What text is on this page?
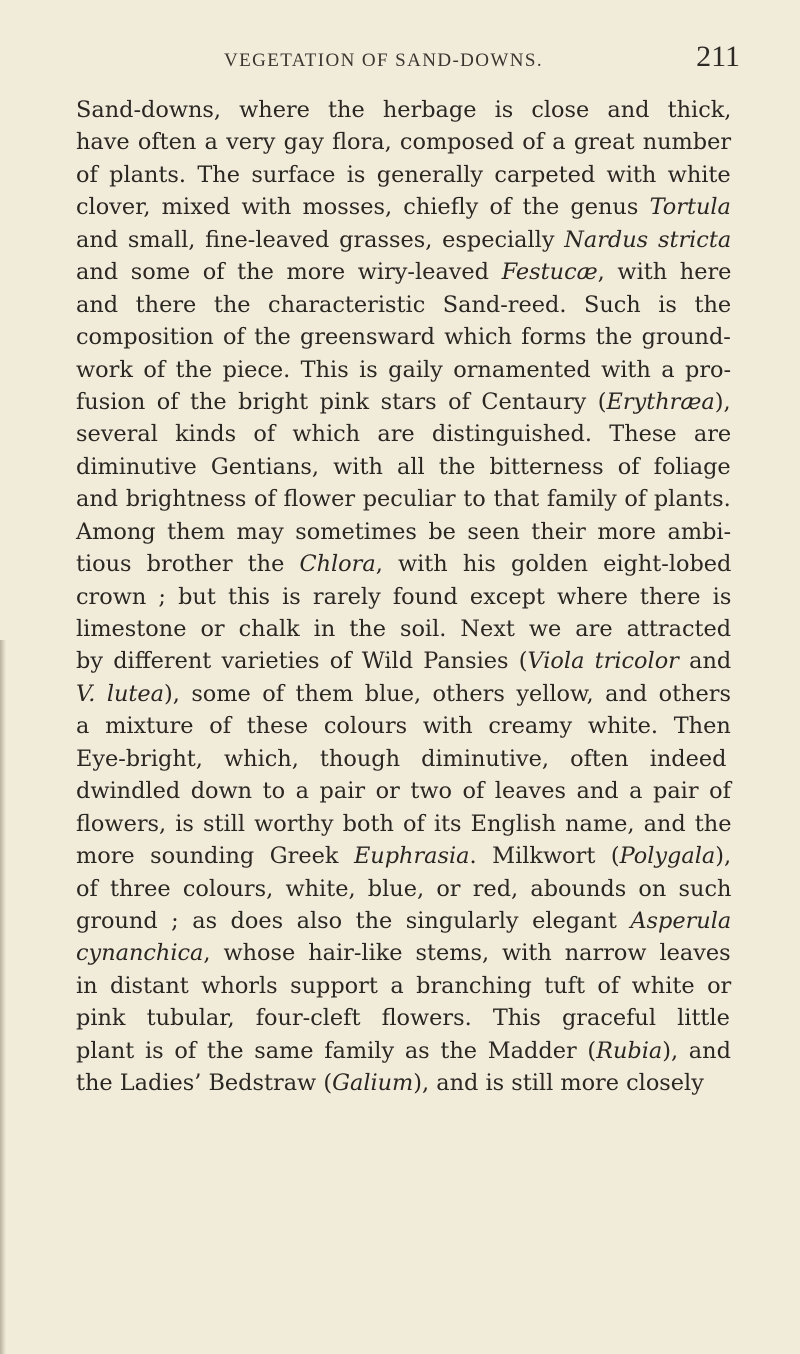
VEGETATION OF SAND-DOWNS.	211
Sand-downs, where the herbage is close and thick,
have often a very gay flora, composed of a great number
of plants. The surface is generally carpeted with white
clover, mixed with mosses, chiefly of the genus Tortula
and small, fine-leaved grasses, especially Nardus stricta
and some of the more wiry-leaved Festucæ, with here
and there the characteristic Sand-reed. Such is the
composition of the greensward which forms the ground-
work of the piece. This is gaily ornamented with a pro-
fusion of the bright pink stars of Centaury (Erythræa),
several kinds of which are distinguished. These are
diminutive Gentians, with all the bitterness of foliage
and brightness of flower peculiar to that family of plants.
Among them may sometimes be seen their more ambi-
tious brother the Chlora, with his golden eight-lobed
crown ; but this is rarely found except where there is
limestone or chalk in the soil. Next we are attracted
by different varieties of Wild Pansies (Viola tricolor and
V. lutea), some of them blue, others yellow, and others
a mixture of these colours with creamy white. Then
Eye-bright, which, though diminutive, often indeed
dwindled down to a pair or two of leaves and a pair of
flowers, is still worthy both of its English name, and the
more sounding Greek Euphrasia. Milkwort (Polygala),
of three colours, white, blue, or red, abounds on such
ground ; as does also the singularly elegant Asperula
cynanchica, whose hair-like stems, with narrow leaves
in distant whorls support a branching tuft of white or
pink tubular, four-cleft flowers. This graceful little
plant is of the same family as the Madder (Rubia), and
the Ladies’ Bedstraw (Galium), and is still more closely
